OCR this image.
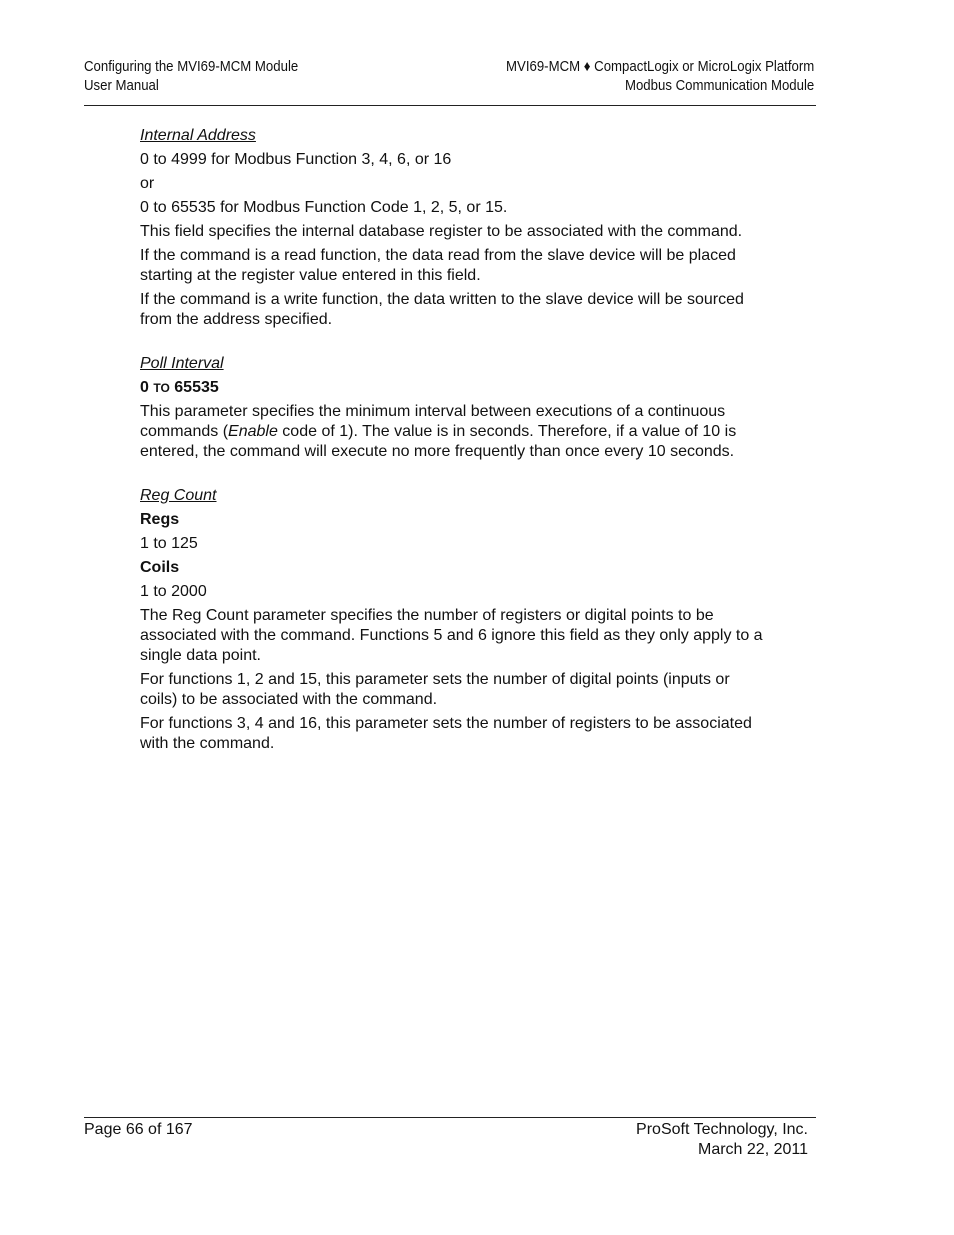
Configuring the MVI69-MCM Module
User Manual
MVI69-MCM ♦ CompactLogix or MicroLogix Platform
Modbus Communication Module
Internal Address
0 to 4999 for Modbus Function 3, 4, 6, or 16
or
0 to 65535 for Modbus Function Code 1, 2, 5, or 15.
This field specifies the internal database register to be associated with the command.
If the command is a read function, the data read from the slave device will be placed starting at the register value entered in this field.
If the command is a write function, the data written to the slave device will be sourced from the address specified.
Poll Interval
0 TO 65535
This parameter specifies the minimum interval between executions of a continuous commands (Enable code of 1). The value is in seconds. Therefore, if a value of 10 is entered, the command will execute no more frequently than once every 10 seconds.
Reg Count
Regs
1 to 125
Coils
1 to 2000
The Reg Count parameter specifies the number of registers or digital points to be associated with the command. Functions 5 and 6 ignore this field as they only apply to a single data point.
For functions 1, 2 and 15, this parameter sets the number of digital points (inputs or coils) to be associated with the command.
For functions 3, 4 and 16, this parameter sets the number of registers to be associated with the command.
Page 66 of 167	ProSoft Technology, Inc.
March 22, 2011
